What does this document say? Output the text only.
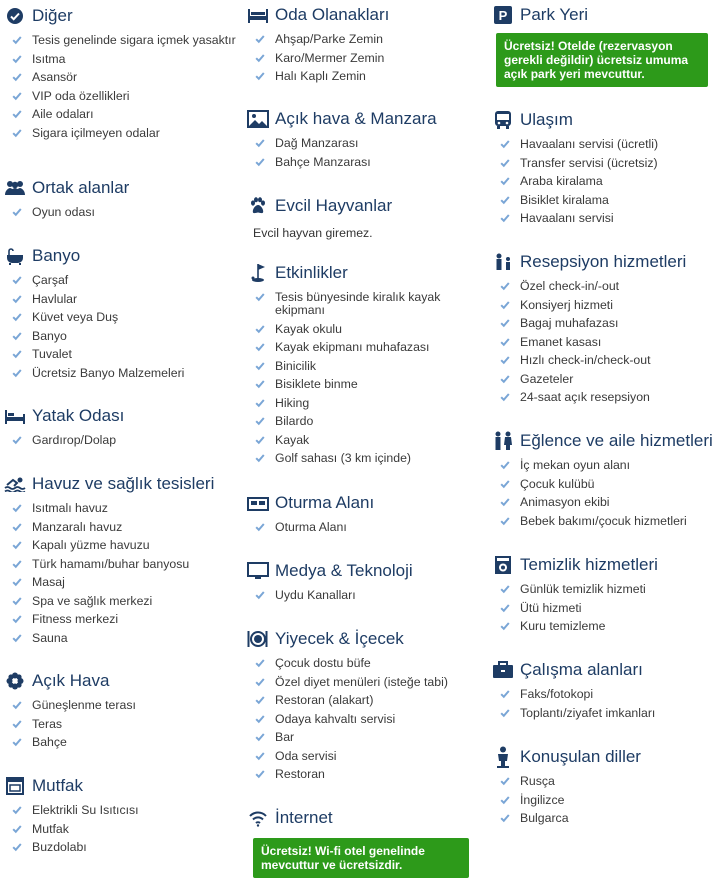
Diğer
Tesis genelinde sigara içmek yasaktır
Isıtma
Asansör
VIP oda özellikleri
Aile odaları
Sigara içilmeyen odalar
Ortak alanlar
Oyun odası
Banyo
Çarşaf
Havlular
Küvet veya Duş
Banyo
Tuvalet
Ücretsiz Banyo Malzemeleri
Yatak Odası
Gardırop/Dolap
Havuz ve sağlık tesisleri
Isıtmalı havuz
Manzaralı havuz
Kapalı yüzme havuzu
Türk hamamı/buhar banyosu
Masaj
Spa ve sağlık merkezi
Fitness merkezi
Sauna
Açık Hava
Güneşlenme terası
Teras
Bahçe
Mutfak
Elektrikli Su Isıtıcısı
Mutfak
Buzdolabı
Oda Olanakları
Ahşap/Parke Zemin
Karo/Mermer Zemin
Halı Kaplı Zemin
Açık hava & Manzara
Dağ Manzarası
Bahçe Manzarası
Evcil Hayvanlar
Evcil hayvan giremez.
Etkinlikler
Tesis bünyesinde kiralık kayak ekipmanı
Kayak okulu
Kayak ekipmanı muhafazası
Binicilik
Bisiklete binme
Hiking
Bilardo
Kayak
Golf sahası (3 km içinde)
Oturma Alanı
Oturma Alanı
Medya & Teknoloji
Uydu Kanalları
Yiyecek & İçecek
Çocuk dostu büfe
Özel diyet menüleri (isteğe tabi)
Restoran (alakart)
Odaya kahvaltı servisi
Bar
Oda servisi
Restoran
İnternet
Ücretsiz! Wi-fi otel genelinde mevcuttur ve ücretsizdir.
P Park Yeri
Ücretsiz! Otelde (rezervasyon gerekli değildir) ücretsiz umuma açık park yeri mevcuttur.
Ulaşım
Havaalanı servisi (ücretli)
Transfer servisi (ücretsiz)
Araba kiralama
Bisiklet kiralama
Havaalanı servisi
Resepsiyon hizmetleri
Özel check-in/-out
Konsiyerj hizmeti
Bagaj muhafazası
Emanet kasası
Hızlı check-in/check-out
Gazeteler
24-saat açık resepsiyon
Eğlence ve aile hizmetleri
İç mekan oyun alanı
Çocuk kulübü
Animasyon ekibi
Bebek bakımı/çocuk hizmetleri
Temizlik hizmetleri
Günlük temizlik hizmeti
Ütü hizmeti
Kuru temizleme
Çalışma alanları
Faks/fotokopi
Toplantı/ziyafet imkanları
Konuşulan diller
Rusça
İngilizce
Bulgarca
